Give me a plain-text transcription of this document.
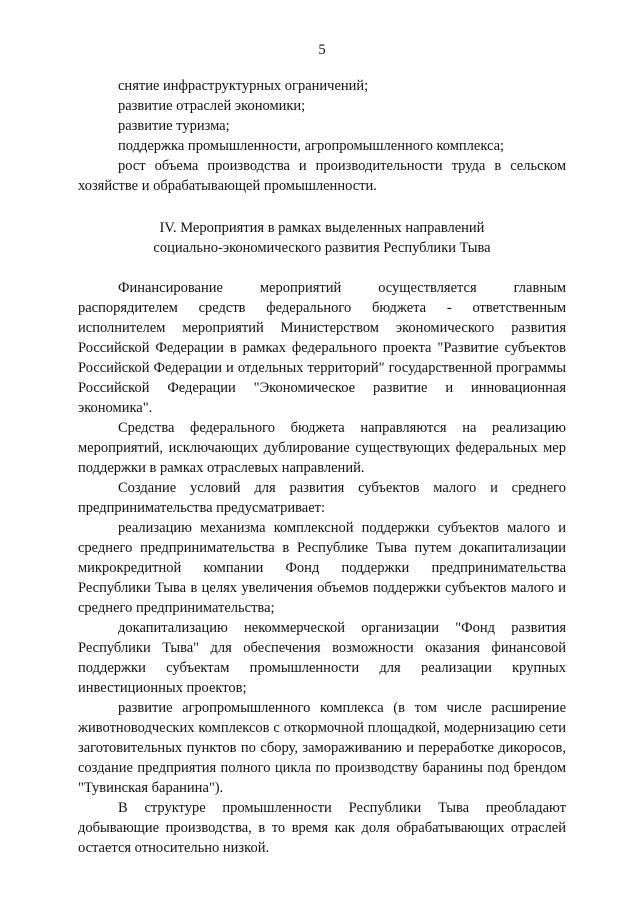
5

снятие инфраструктурных ограничений;

развитие отраслей экономики;

развитие туризма;

поддержка промышленности, агропромышленного комплекса;

рост объема производства и производительности труда в сельском хозяйстве и обрабатывающей промышленности.

IV. Мероприятия в рамках выделенных направлений
социально-экономического развития Республики Тыва

Финансирование мероприятий осуществляется главным распорядителем средств федерального бюджета - ответственным исполнителем мероприятий Министерством экономического развития Российской Федерации в рамках федерального проекта "Развитие субъектов Российской Федерации и отдельных территорий" государственной программы Российской Федерации "Экономическое развитие и инновационная экономика".

Средства федерального бюджета направляются на реализацию мероприятий, исключающих дублирование существующих федеральных мер поддержки в рамках отраслевых направлений.

Создание условий для развития субъектов малого и среднего предпринимательства предусматривает:

реализацию механизма комплексной поддержки субъектов малого и среднего предпринимательства в Республике Тыва путем докапитализации микрокредитной компании Фонд поддержки предпринимательства Республики Тыва в целях увеличения объемов поддержки субъектов малого и среднего предпринимательства;

докапитализацию некоммерческой организации "Фонд развития Республики Тыва" для обеспечения возможности оказания финансовой поддержки субъектам промышленности для реализации крупных инвестиционных проектов;

развитие агропромышленного комплекса (в том числе расширение животноводческих комплексов с откормочной площадкой, модернизацию сети заготовительных пунктов по сбору, замораживанию и переработке дикоросов, создание предприятия полного цикла по производству баранины под брендом "Тувинская баранина").

В структуре промышленности Республики Тыва преобладают добывающие производства, в то время как доля обрабатывающих отраслей остается относительно низкой.
